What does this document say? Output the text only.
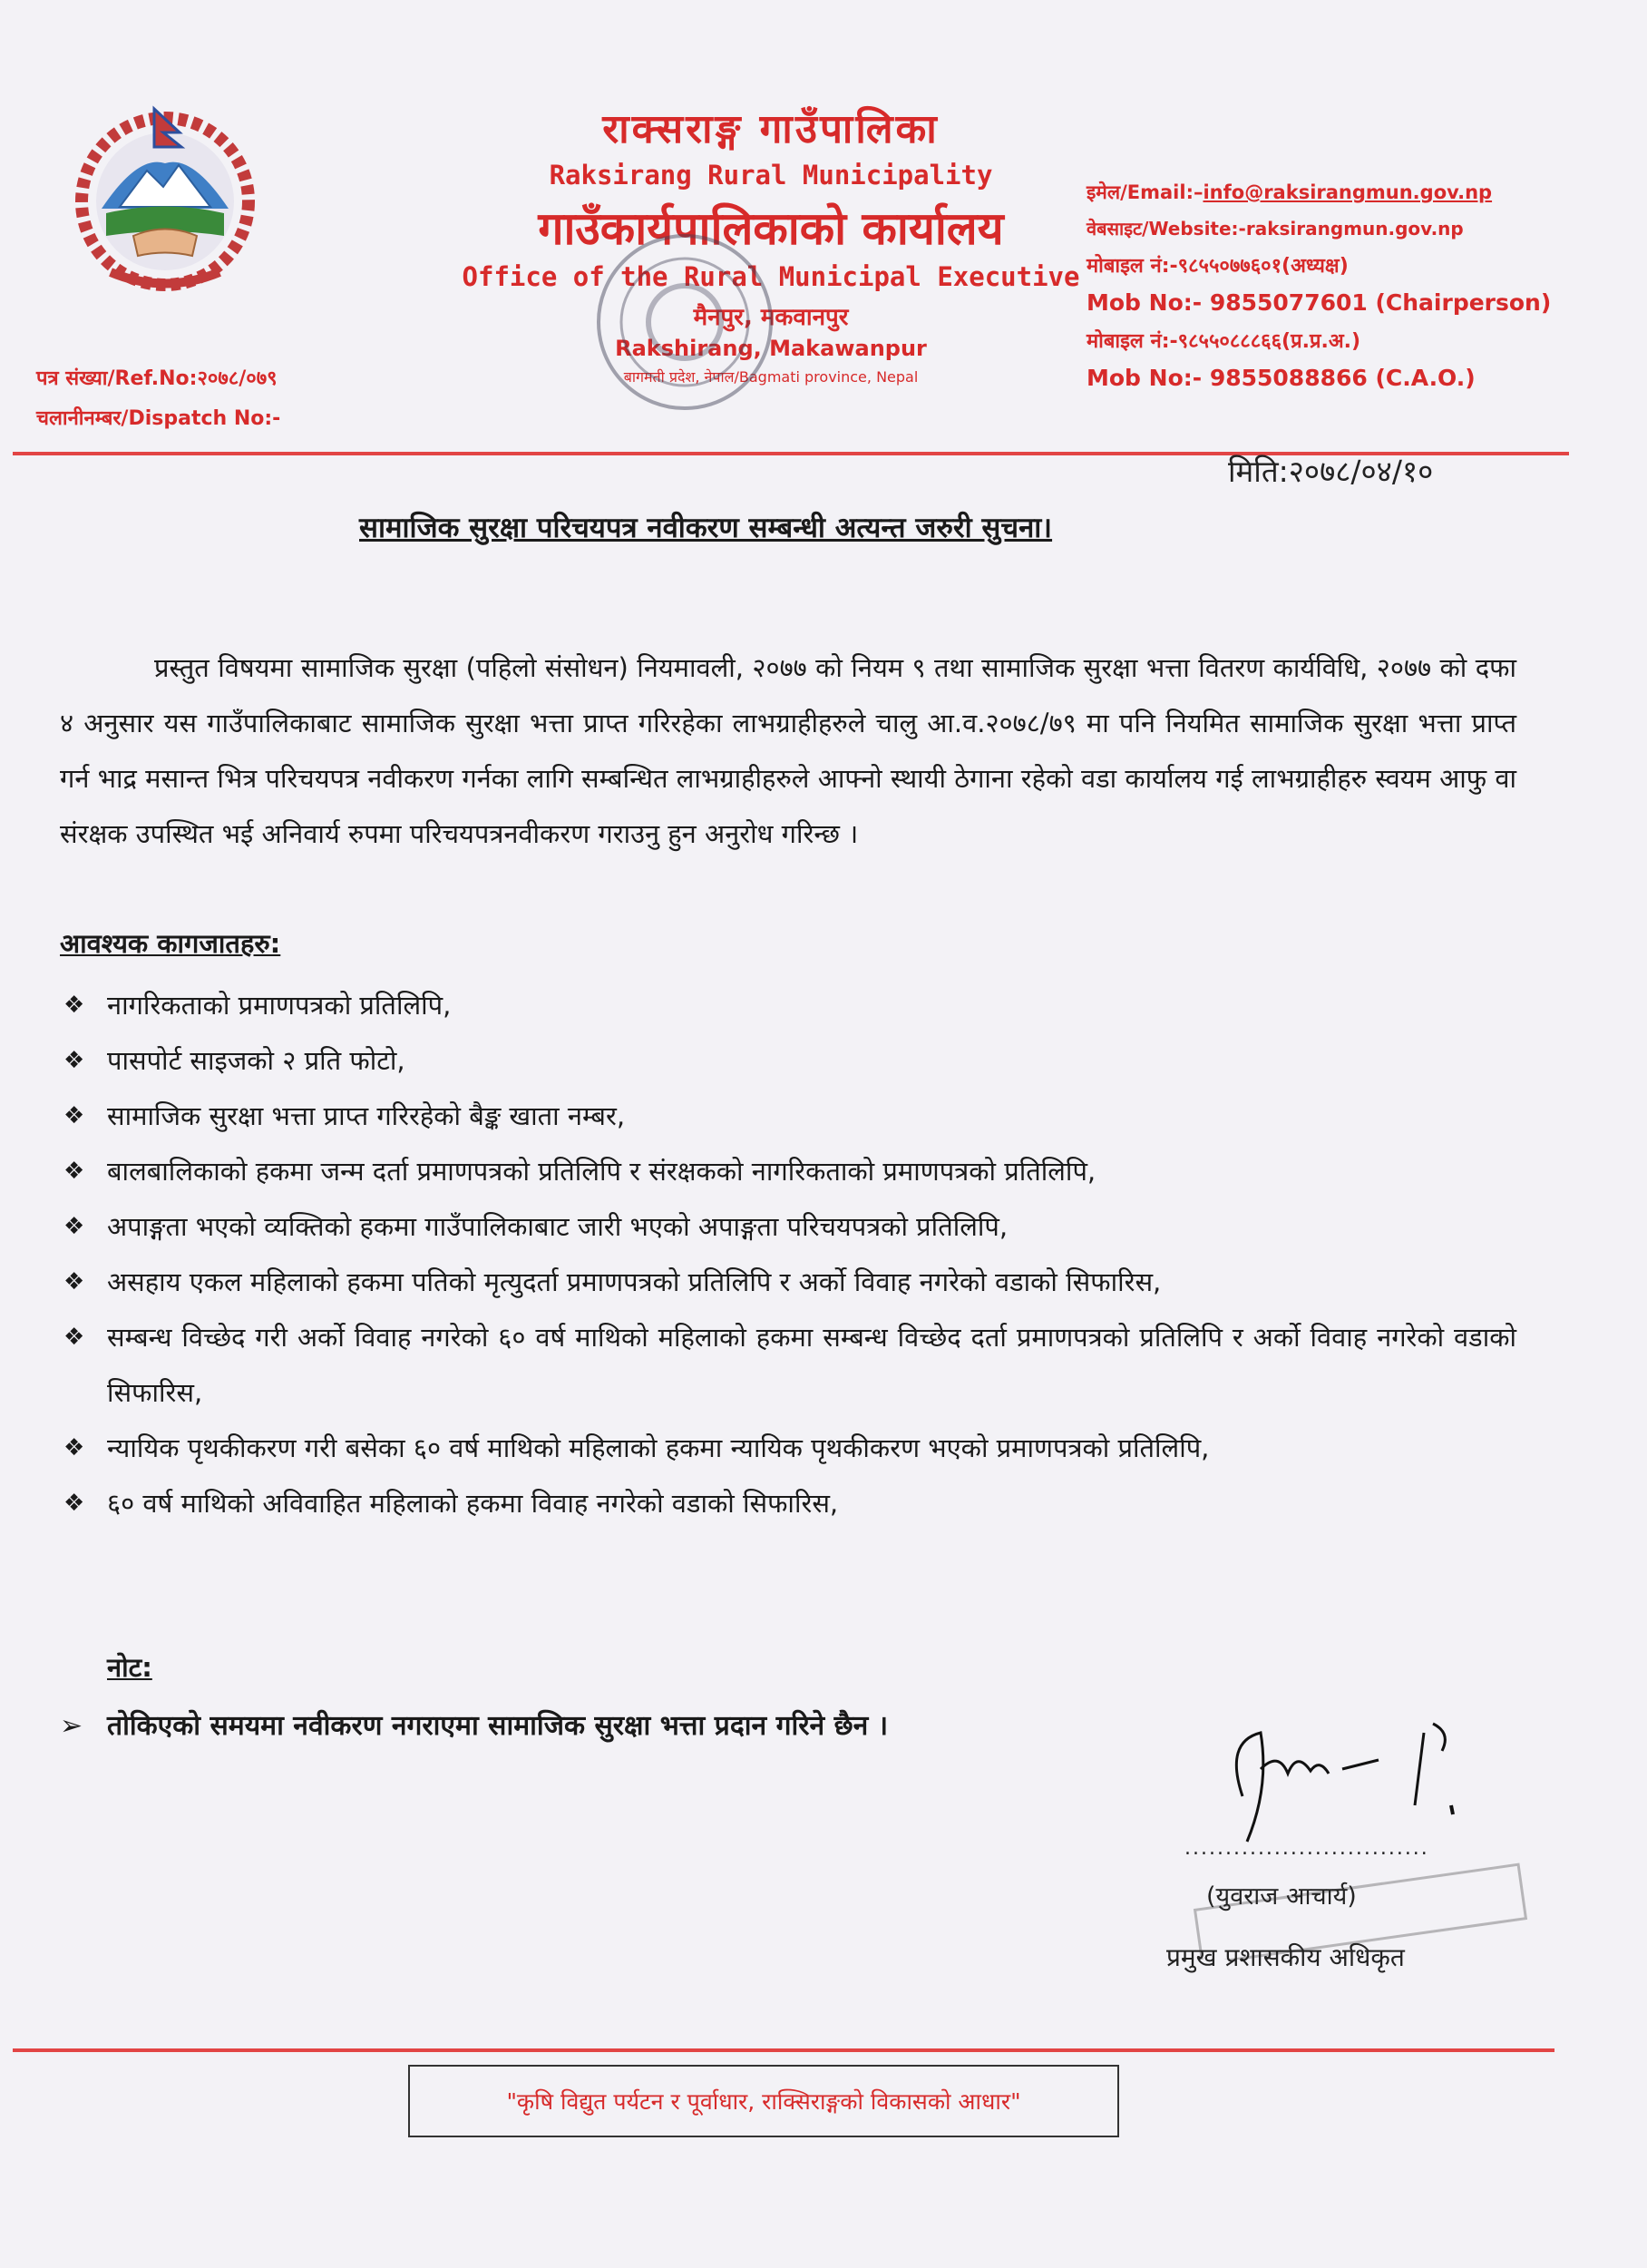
राक्सराङ्ग गाउँपालिका
Raksirang Rural Municipality
गाउँकार्यपालिकाको कार्यालय
Office of the Rural Municipal Executive
मैनपुर, मकवानपुर
Rakshirang, Makawanpur
बागमती प्रदेश, नेपाल/Bagmati province, Nepal
इमेल/Email:–info@raksirangmun.gov.np
वेबसाइट/Website:-raksirangmun.gov.np
मोबाइल नं:-९८५५०७७६०१(अध्यक्ष)
Mob No:- 9855077601 (Chairperson)
मोबाइल नं:-९८५५०८८८६६(प्र.प्र.अ.)
Mob No:- 9855088866 (C.A.O.)
पत्र संख्या/Ref.No:२०७८/०७९
चलानीनम्बर/Dispatch No:-
मिति:२०७८/०४/१०
सामाजिक सुरक्षा परिचयपत्र नवीकरण सम्बन्धी अत्यन्त जरुरी सुचना।

प्रस्तुत विषयमा सामाजिक सुरक्षा (पहिलो संसोधन) नियमावली, २०७७ को नियम ९ तथा सामाजिक सुरक्षा भत्ता वितरण कार्यविधि, २०७७ को दफा ४ अनुसार यस गाउँपालिकाबाट सामाजिक सुरक्षा भत्ता प्राप्त गरिरहेका लाभग्राहीहरुले चालु आ.व.२०७८/७९ मा पनि नियमित सामाजिक सुरक्षा भत्ता प्राप्त गर्न भाद्र मसान्त भित्र परिचयपत्र नवीकरण गर्नका लागि सम्बन्धित लाभग्राहीहरुले आफ्नो स्थायी ठेगाना रहेको वडा कार्यालय गई लाभग्राहीहरु स्वयम आफु वा संरक्षक उपस्थित भई अनिवार्य रुपमा परिचयपत्रनवीकरण गराउनु हुन अनुरोध गरिन्छ ।

आवश्यक कागजातहरु:
❖ नागरिकताको प्रमाणपत्रको प्रतिलिपि,
❖ पासपोर्ट साइजको २ प्रति फोटो,
❖ सामाजिक सुरक्षा भत्ता प्राप्त गरिरहेको बैङ्क खाता नम्बर,
❖ बालबालिकाको हकमा जन्म दर्ता प्रमाणपत्रको प्रतिलिपि र संरक्षकको नागरिकताको प्रमाणपत्रको प्रतिलिपि,
❖ अपाङ्गता भएको व्यक्तिको हकमा गाउँपालिकाबाट जारी भएको अपाङ्गता परिचयपत्रको प्रतिलिपि,
❖ असहाय एकल महिलाको हकमा पतिको मृत्युदर्ता प्रमाणपत्रको प्रतिलिपि र अर्को विवाह नगरेको वडाको सिफारिस,
❖ सम्बन्ध विच्छेद गरी अर्को विवाह नगरेको ६० वर्ष माथिको महिलाको हकमा सम्बन्ध विच्छेद दर्ता प्रमाणपत्रको प्रतिलिपि र अर्को विवाह नगरेको वडाको सिफारिस,
❖ न्यायिक पृथकीकरण गरी बसेका ६० वर्ष माथिको महिलाको हकमा न्यायिक पृथकीकरण भएको प्रमाणपत्रको प्रतिलिपि,
❖ ६० वर्ष माथिको अविवाहित महिलाको हकमा विवाह नगरेको वडाको सिफारिस,
नोट:
➢ तोकिएको समयमा नवीकरण नगराएमा सामाजिक सुरक्षा भत्ता प्रदान गरिने छैन ।
..............................
(युवराज आचार्य)
प्रमुख प्रशासकीय अधिकृत
"कृषि विद्युत पर्यटन र पूर्वाधार, राक्सिराङ्गको विकासको आधार"
